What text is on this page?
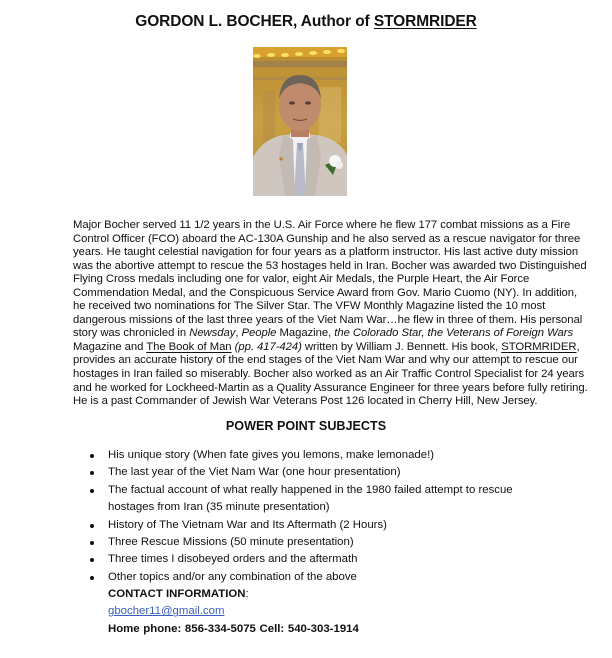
GORDON L. BOCHER, Author of STORMRIDER
Major Bocher served 11 1/2 years in the U.S. Air Force where he flew 177 combat missions as a Fire
Control Officer (FCO) aboard the AC-130A Gunship and he also served as a rescue navigator for three
years. He taught celestial navigation for four years as a platform instructor. His last active duty mission
was the abortive attempt to rescue the 53 hostages held in Iran. Bocher was awarded two Distinguished
Flying Cross medals including one for valor, eight Air Medals, the Purple Heart, the Air Force
Commendation Medal, and the Conspicuous Service Award from Gov. Mario Cuomo (NY). In addition,
he received two nominations for The Silver Star. The VFW Monthly Magazine listed the 10 most
dangerous missions of the last three years of the Viet Nam War…he flew in three of them. His personal
story was chronicled in Newsday, People Magazine, the Colorado Star, the Veterans of Foreign Wars
Magazine and The Book of Man (pp. 417-424) written by William J. Bennett. His book, STORMRIDER,
provides an accurate history of the end stages of the Viet Nam War and why our attempt to rescue our
hostages in Iran failed so miserably. Bocher also worked as an Air Traffic Control Specialist for 24 years
and he worked for Lockheed-Martin as a Quality Assurance Engineer for three years before fully retiring.
He is a past Commander of Jewish War Veterans Post 126 located in Cherry Hill, New Jersey.
POWER POINT SUBJECTS
His unique story (When fate gives you lemons, make lemonade!)
The last year of the Viet Nam War (one hour presentation)
The factual account of what really happened in the 1980 failed attempt to rescue
hostages from Iran (35 minute presentation)
History of The Vietnam War and Its Aftermath (2 Hours)
Three Rescue Missions (50 minute presentation)
Three times I disobeyed orders and the aftermath
Other topics and/or any combination of the above
CONTACT INFORMATION:
gbocher11@gmail.com
Home phone: 856-334-5075 Cell: 540-303-1914
